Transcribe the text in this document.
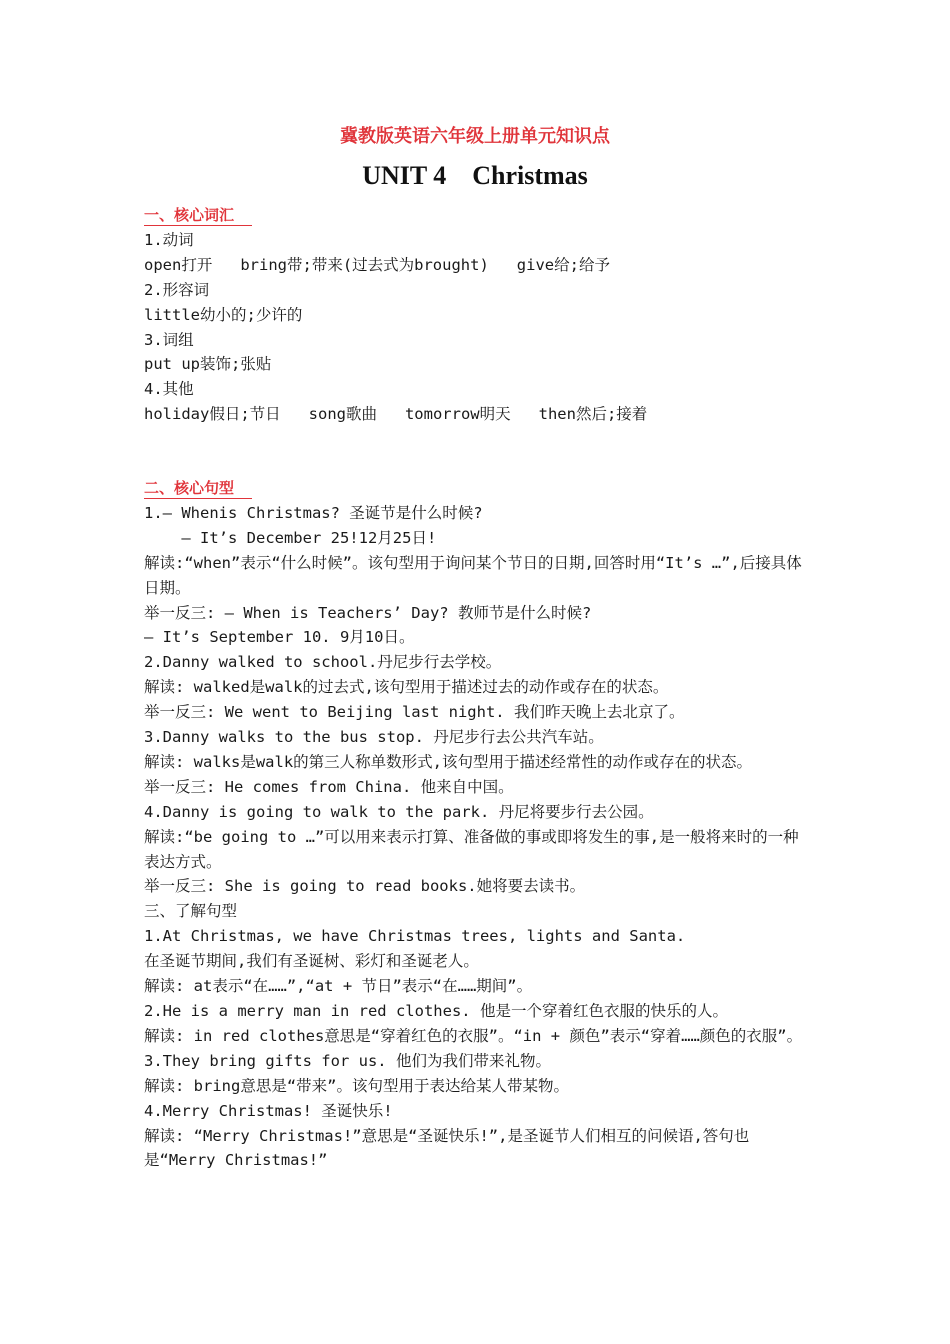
冀教版英语六年级上册单元知识点
UNIT 4    Christmas
一、核心词汇

1.动词

open打开   bring带;带来(过去式为brought)   give给;给予

2.形容词

little幼小的;少许的

3.词组

put up装饰;张贴

4.其他

holiday假日;节日   song歌曲   tomorrow明天   then然后;接着

二、核心句型

1.— Whenis Christmas? 圣诞节是什么时候?

— It’s December 25!12月25日!

解读:“when”表示“什么时候”。该句型用于询问某个节日的日期,回答时用“It’s …”,后接具体日期。

举一反三: — When is Teachers’ Day? 教师节是什么时候?

— It’s September 10. 9月10日。

2.Danny walked to school.丹尼步行去学校。

解读: walked是walk的过去式,该句型用于描述过去的动作或存在的状态。

举一反三: We went to Beijing last night. 我们昨天晚上去北京了。

3.Danny walks to the bus stop. 丹尼步行去公共汽车站。

解读: walks是walk的第三人称单数形式,该句型用于描述经常性的动作或存在的状态。

举一反三: He comes from China. 他来自中国。

4.Danny is going to walk to the park. 丹尼将要步行去公园。

解读:“be going to …”可以用来表示打算、准备做的事或即将发生的事,是一般将来时的一种表达方式。

举一反三: She is going to read books.她将要去读书。

三、了解句型

1.At Christmas, we have Christmas trees, lights and Santa.

在圣诞节期间,我们有圣诞树、彩灯和圣诞老人。

解读: at表示“在……”,“at + 节日”表示“在……期间”。

2.He is a merry man in red clothes. 他是一个穿着红色衣服的快乐的人。

解读: in red clothes意思是“穿着红色的衣服”。“in + 颜色”表示“穿着……颜色的衣服”。

3.They bring gifts for us. 他们为我们带来礼物。

解读: bring意思是“带来”。该句型用于表达给某人带某物。

4.Merry Christmas! 圣诞快乐!

解读: “Merry Christmas!”意思是“圣诞快乐!”,是圣诞节人们相互的问候语,答句也是“Merry Christmas!”
